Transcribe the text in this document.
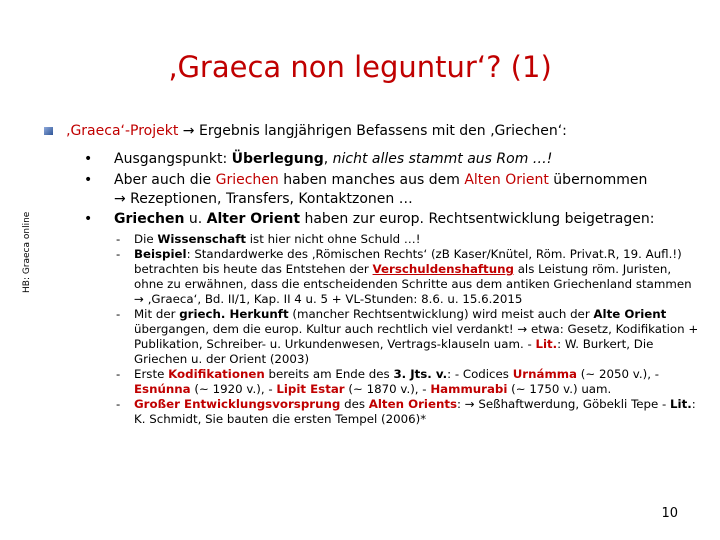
‚Graeca non leguntur‘? (1)
HB: Graeca online
‚Graeca‘-Projekt → Ergebnis langjährigen Befassens mit den ‚Griechen‘:
• Ausgangspunkt: Überlegung, nicht alles stammt aus Rom …!
• Aber auch die Griechen haben manches aus dem Alten Orient übernommen
→ Rezeptionen, Transfers, Kontaktzonen …
• Griechen u. Alter Orient haben zur europ. Rechtsentwicklung beigetragen:
- Die Wissenschaft ist hier nicht ohne Schuld …!
- Beispiel: Standardwerke des ‚Römischen Rechts‘ (zB Kaser/Knütel, Röm. Privat.R, 19. Aufl.!) betrachten bis heute das Entstehen der Verschuldenshaftung als Leistung röm. Juristen, ohne zu erwähnen, dass die entscheidenden Schritte aus dem antiken Griechenland stammen → ‚Graeca‘, Bd. II/1, Kap. II 4 u. 5 + VL-Stunden: 8.6. u. 15.6.2015
- Mit der griech. Herkunft (mancher Rechtsentwicklung) wird meist auch der Alte Orient übergangen, dem die europ. Kultur auch rechtlich viel verdankt! → etwa: Gesetz, Kodifikation + Publikation, Schreiber- u. Urkundenwesen, Vertrags-klauseln uam. - Lit.: W. Burkert, Die Griechen u. der Orient (2003)
- Erste Kodifikationen bereits am Ende des 3. Jts. v.: - Codices Urnámma (~ 2050 v.), - Esnúnna (~ 1920 v.), - Lipit Estar (~ 1870 v.), - Hammurabi (~ 1750 v.) uam.
- Großer Entwicklungsvorsprung des Alten Orients: → Seßhaftwerdung, Göbekli Tepe - Lit.: K. Schmidt, Sie bauten die ersten Tempel (2006)*
10
